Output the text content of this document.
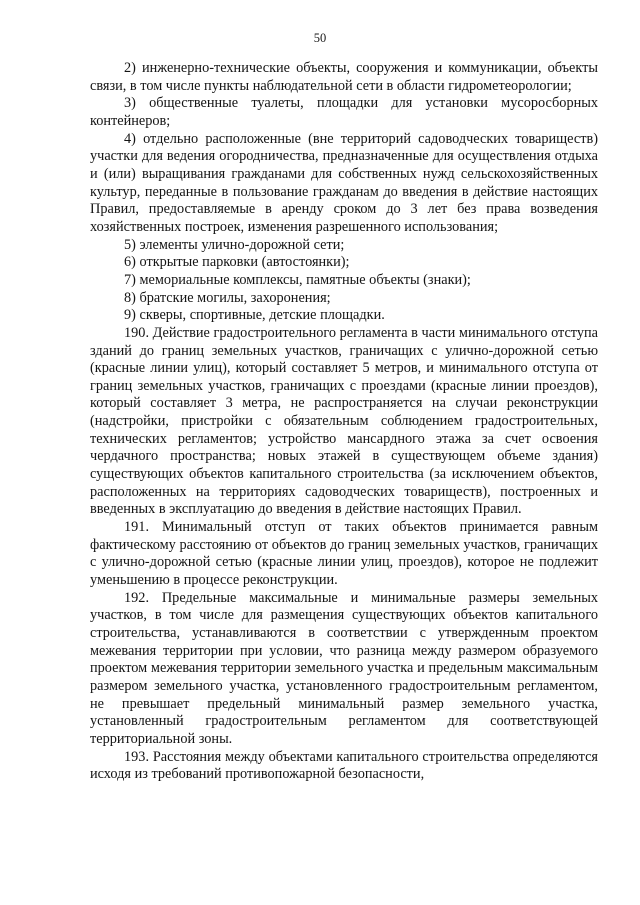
50

2) инженерно-технические объекты, сооружения и коммуникации, объекты связи, в том числе пункты наблюдательной сети в области гидрометеорологии;

3) общественные туалеты, площадки для установки мусоросборных контейнеров;

4) отдельно расположенные (вне территорий садоводческих товариществ) участки для ведения огородничества, предназначенные для осуществления отдыха и (или) выращивания гражданами для собственных нужд сельскохозяйственных культур, переданные в пользование гражданам до введения в действие настоящих Правил, предоставляемые в аренду сроком до 3 лет без права возведения хозяйственных построек, изменения разрешенного использования;

5) элементы улично-дорожной сети;

6) открытые парковки (автостоянки);

7) мемориальные комплексы, памятные объекты (знаки);

8) братские могилы, захоронения;

9) скверы, спортивные, детские площадки.

190. Действие градостроительного регламента в части минимального отступа зданий до границ земельных участков, граничащих с улично-дорожной сетью (красные линии улиц), который составляет 5 метров, и минимального отступа от границ земельных участков, граничащих с проездами (красные линии проездов), который составляет 3 метра, не распространяется на случаи реконструкции (надстройки, пристройки с обязательным соблюдением градостроительных, технических регламентов; устройство мансардного этажа за счет освоения чердачного пространства; новых этажей в существующем объеме здания) существующих объектов капитального строительства (за исключением объектов, расположенных на территориях садоводческих товариществ), построенных и введенных в эксплуатацию до введения в действие настоящих Правил.

191. Минимальный отступ от таких объектов принимается равным фактическому расстоянию от объектов до границ земельных участков, граничащих с улично-дорожной сетью (красные линии улиц, проездов), которое не подлежит уменьшению в процессе реконструкции.

192. Предельные максимальные и минимальные размеры земельных участков, в том числе для размещения существующих объектов капитального строительства, устанавливаются в соответствии с утвержденным проектом межевания территории при условии, что разница между размером образуемого проектом межевания территории земельного участка и предельным максимальным размером земельного участка, установленного градостроительным регламентом, не превышает предельный минимальный размер земельного участка, установленный градостроительным регламентом для соответствующей территориальной зоны.

193. Расстояния между объектами капитального строительства определяются исходя из требований противопожарной безопасности,
